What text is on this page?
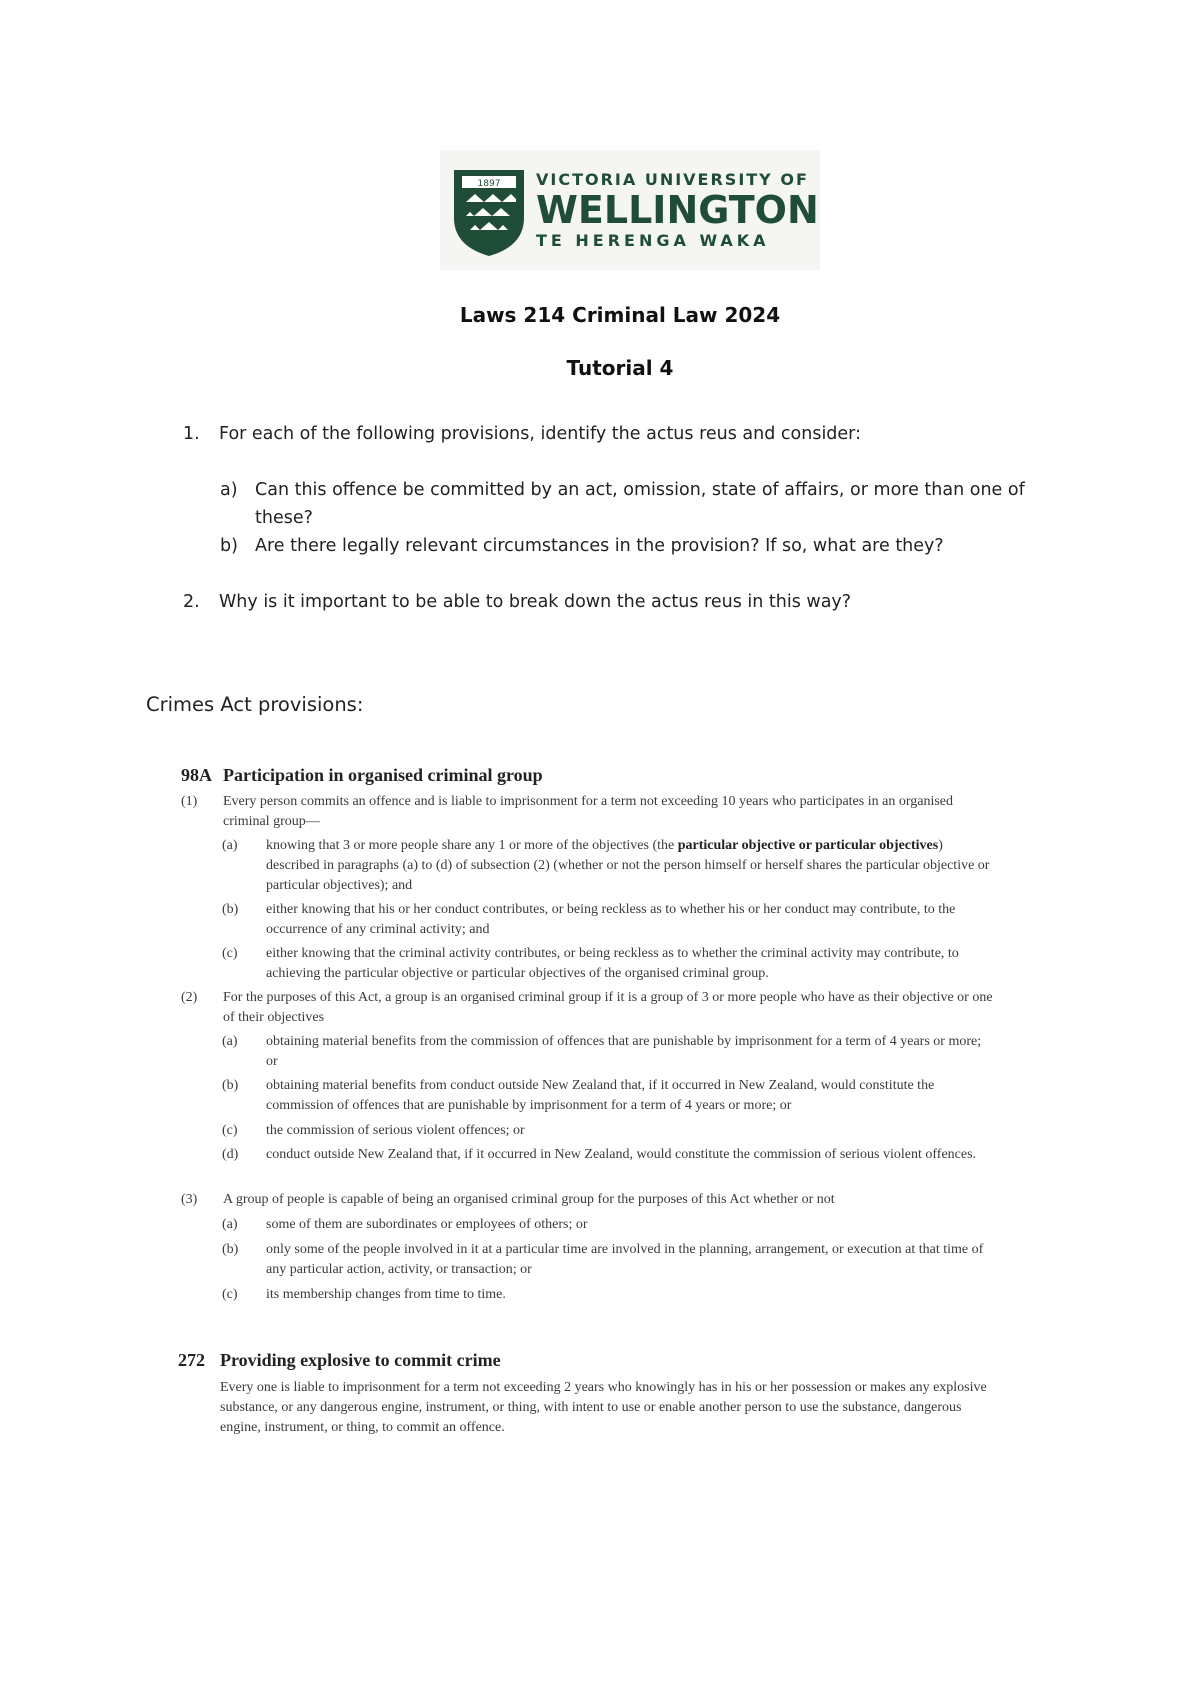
1897 VICTORIA UNIVERSITY OF
WELLINGTON
TE HERENGA WAKA
Laws 214 Criminal Law 2024
Tutorial 4
1. For each of the following provisions, identify the actus reus and consider:
a) Can this offence be committed by an act, omission, state of affairs, or more than one of these?
b) Are there legally relevant circumstances in the provision? If so, what are they?
2. Why is it important to be able to break down the actus reus in this way?
Crimes Act provisions:
98A Participation in organised criminal group
(1) Every person commits an offence and is liable to imprisonment for a term not exceeding 10 years who participates in an organised criminal group—
(a) knowing that 3 or more people share any 1 or more of the objectives (the particular objective or particular objectives) described in paragraphs (a) to (d) of subsection (2) (whether or not the person himself or herself shares the particular objective or particular objectives); and
(b) either knowing that his or her conduct contributes, or being reckless as to whether his or her conduct may contribute, to the occurrence of any criminal activity; and
(c) either knowing that the criminal activity contributes, or being reckless as to whether the criminal activity may contribute, to achieving the particular objective or particular objectives of the organised criminal group.
(2) For the purposes of this Act, a group is an organised criminal group if it is a group of 3 or more people who have as their objective or one of their objectives
(a) obtaining material benefits from the commission of offences that are punishable by imprisonment for a term of 4 years or more; or
(b) obtaining material benefits from conduct outside New Zealand that, if it occurred in New Zealand, would constitute the commission of offences that are punishable by imprisonment for a term of 4 years or more; or
(c) the commission of serious violent offences; or
(d) conduct outside New Zealand that, if it occurred in New Zealand, would constitute the commission of serious violent offences.
(3) A group of people is capable of being an organised criminal group for the purposes of this Act whether or not
(a) some of them are subordinates or employees of others; or
(b) only some of the people involved in it at a particular time are involved in the planning, arrangement, or execution at that time of any particular action, activity, or transaction; or
(c) its membership changes from time to time.
272 Providing explosive to commit crime
Every one is liable to imprisonment for a term not exceeding 2 years who knowingly has in his or her possession or makes any explosive substance, or any dangerous engine, instrument, or thing, with intent to use or enable another person to use the substance, dangerous engine, instrument, or thing, to commit an offence.
